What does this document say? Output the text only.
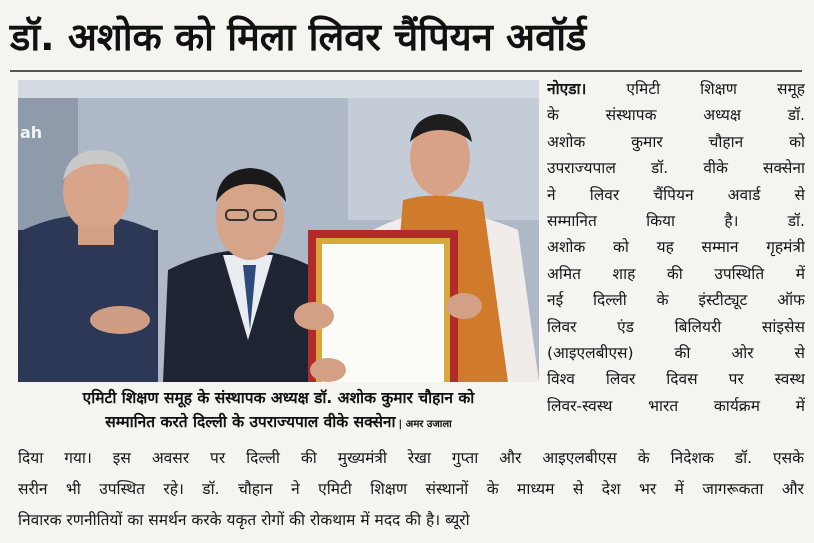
डॉ. अशोक को मिला लिवर चैंपियन अवॉर्ड
ah
एमिटी शिक्षण समूह के संस्थापक अध्यक्ष डॉ. अशोक कुमार चौहान को
सम्मानित करते दिल्ली के उपराज्यपाल वीके सक्सेना | अमर उजाला
नोएडा।	एमिटी शिक्षण समूह
के संस्थापक अध्यक्ष डॉ.
अशोक कुमार चौहान को
उपराज्यपाल डॉ. वीके सक्सेना
ने लिवर चैंपियन अवार्ड से
सम्मानित किया है। डॉ.
अशोक को यह सम्मान गृहमंत्री
अमित शाह की उपस्थिति में
नई दिल्ली के इंस्टीट्यूट ऑफ
लिवर एंड बिलियरी सांइसेस
(आइएलबीएस) की ओर से
विश्व लिवर दिवस पर स्वस्थ
लिवर-स्वस्थ भारत कार्यक्रम में
दिया गया। इस अवसर पर दिल्ली की मुख्यमंत्री रेखा गुप्ता और आइएलबीएस के निदेशक डॉ. एसके
सरीन भी उपस्थित रहे। डॉ. चौहान ने एमिटी शिक्षण संस्थानों के माध्यम से देश भर में जागरूकता और
निवारक रणनीतियों का समर्थन करके यकृत रोगों की रोकथाम में मदद की है। ब्यूरो
